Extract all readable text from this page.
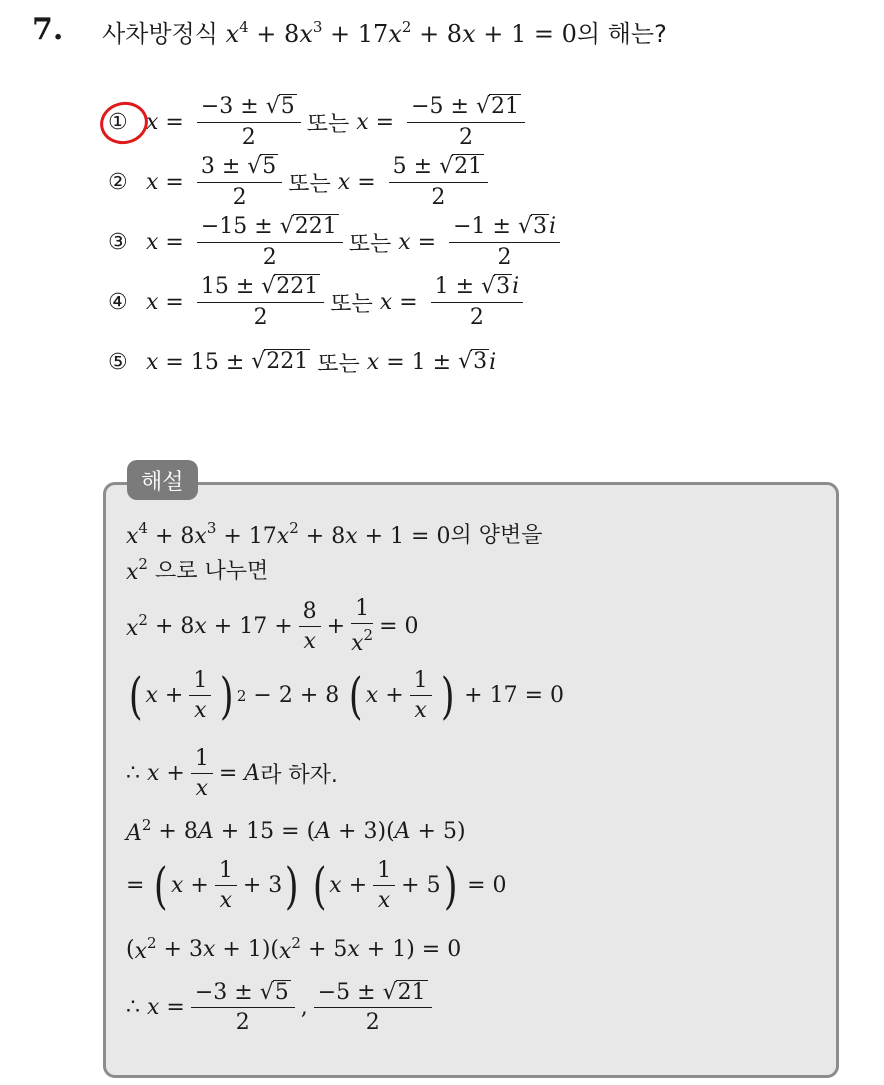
7. 사차방정식 $x^4 + 8x^3 + 17x^2 + 8x + 1 = 0$의 해는?
① $x = \frac{-3 \pm √ 5}{2}$ 또는 $x = \frac{-5 \pm √ 21}{2}$
② $x = \frac{3 \pm √ 5}{2}$ 또는 $x = \frac{5 \pm √ 21}{2}$
③ $x = \frac{-15 \pm √ 221}{2}$ 또는 $x = \frac{-1 \pm √ 3 i}{2}$
④ $x = \frac{15 \pm √ 221}{2}$ 또는 $x = \frac{1 \pm √ 3 i}{2}$
⑤ x = 15 ± √ 221
또는 x = 1 ± √ 3 i
해설
$x^4 + 8x^3 + 17x^2 + 8x + 1 = 0$ 의 양변을
$x^2$
으로 나누면
$x^2 + 8$ $x + 17 + \frac{8}{x} + \frac{1}{x^2} = 0$
( $x + \frac{1}{x}$ ) 2 − 2 + 8 ( $x + \frac{1}{x}$ ) + 17 = 0
∴ $x + \frac{1}{x} = A$ 라 하자.
$A^2 + 8$ A + 15 = ( A + 3)( A + 5)
= ( $x + \frac{1}{x} + 3$ ) ( $x + \frac{1}{x} + 5$ ) = 0
( $x^2 + 3$ x + 1)( $x^2 + 5$ x + 1) = 0
∴ $x = \frac{-3 \pm √ 5}{2}$ , $\frac{-5 \pm √ 21}{2}$
